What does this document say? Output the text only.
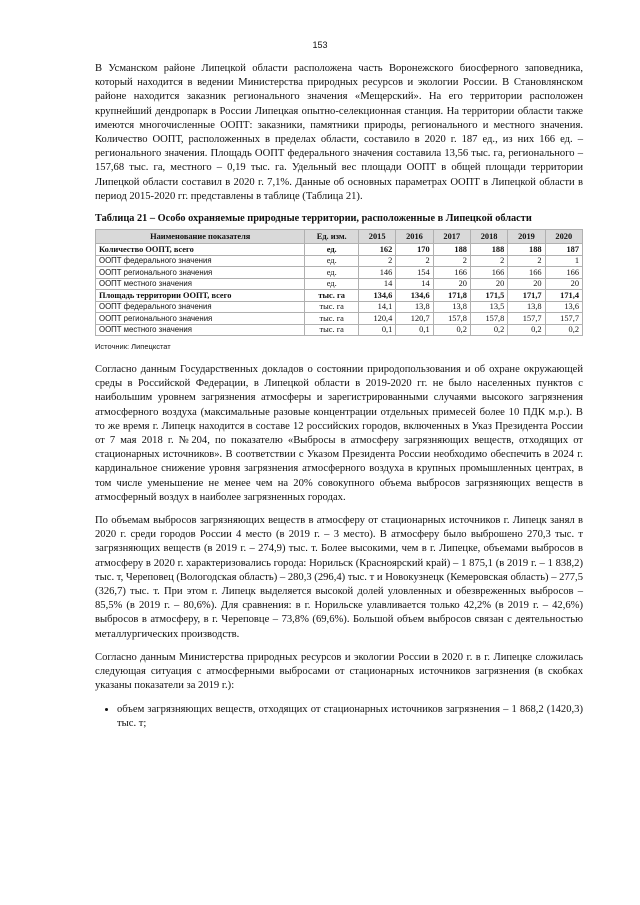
153

В Усманском районе Липецкой области расположена часть Воронежского биосферного заповедника, который находится в ведении Министерства природных ресурсов и экологии России. В Становлянском районе находится заказник регионального значения «Мещерский». На его территории расположен крупнейший дендропарк в России Липецкая опытно-селекционная станция. На территории области также имеются многочисленные ООПТ: заказники, памятники природы, регионального и местного значения. Количество ООПТ, расположенных в пределах области, составило в 2020 г. 187 ед., из них 166 ед. – регионального значения. Площадь ООПТ федерального значения составила 13,56 тыс. га, регионального – 157,68 тыс. га, местного – 0,19 тыс. га. Удельный вес площади ООПТ в общей площади территории Липецкой области составил в 2020 г. 7,1%. Данные об основных параметрах ООПТ в Липецкой области в период 2015-2020 гг. представлены в таблице (Таблица 21).

Таблица 21 – Особо охраняемые природные территории, расположенные в Липецкой области
Наименование показателя	Ед. изм.	2015	2016	2017	2018	2019	2020
Количество ООПТ, всего	ед.	162	170	188	188	188	187
ООПТ федерального значения	ед.	2	2	2	2	2	1
ООПТ регионального значения	ед.	146	154	166	166	166	166
ООПТ местного значения	ед.	14	14	20	20	20	20
Площадь территории ООПТ, всего	тыс. га	134,6	134,6	171,8	171,5	171,7	171,4
ООПТ федерального значения	тыс. га	14,1	13,8	13,8	13,5	13,8	13,6
ООПТ регионального значения	тыс. га	120,4	120,7	157,8	157,8	157,7	157,7
ООПТ местного значения	тыс. га	0,1	0,1	0,2	0,2	0,2	0,2
Источник: Липецкстат

Согласно данным Государственных докладов о состоянии природопользования и об охране окружающей среды в Российской Федерации, в Липецкой области в 2019-2020 гг. не было населенных пунктов с наибольшим уровнем загрязнения атмосферы и зарегистрированными случаями высокого загрязнения атмосферного воздуха (максимальные разовые концентрации отдельных примесей более 10 ПДК м.р.). В то же время г. Липецк находится в составе 12 российских городов, включенных в Указ Президента России от 7 мая 2018 г. №204, по показателю «Выбросы в атмосферу загрязняющих веществ, отходящих от стационарных источников». В соответствии с Указом Президента России необходимо обеспечить в 2024 г. кардинальное снижение уровня загрязнения атмосферного воздуха в крупных промышленных центрах, в том числе уменьшение не менее чем на 20% совокупного объема выбросов загрязняющих веществ в атмосферный воздух в наиболее загрязненных городах.

По объемам выбросов загрязняющих веществ в атмосферу от стационарных источников г. Липецк занял в 2020 г. среди городов России 4 место (в 2019 г. – 3 место). В атмосферу было выброшено 270,3 тыс. т загрязняющих веществ (в 2019 г. – 274,9) тыс. т. Более высокими, чем в г. Липецке, объемами выбросов в атмосферу в 2020 г. характеризовались города: Норильск (Красноярский край) – 1 875,1 (в 2019 г. – 1 838,2) тыс. т, Череповец (Вологодская область) – 280,3 (296,4) тыс. т и Новокузнецк (Кемеровская область) – 277,5 (326,7) тыс. т. При этом г. Липецк выделяется высокой долей уловленных и обезвреженных выбросов – 85,5% (в 2019 г. – 80,6%). Для сравнения: в г. Норильске улавливается только 42,2% (в 2019 г. – 42,6%) выбросов в атмосферу, в г. Череповце – 73,8% (69,6%). Большой объем выбросов связан с деятельностью металлургических производств.

Согласно данным Министерства природных ресурсов и экологии России в 2020 г. в г. Липецке сложилась следующая ситуация с атмосферными выбросами от стационарных источников загрязнения (в скобках указаны показатели за 2019 г.):

• объем загрязняющих веществ, отходящих от стационарных источников загрязнения – 1 868,2 (1420,3) тыс. т;
